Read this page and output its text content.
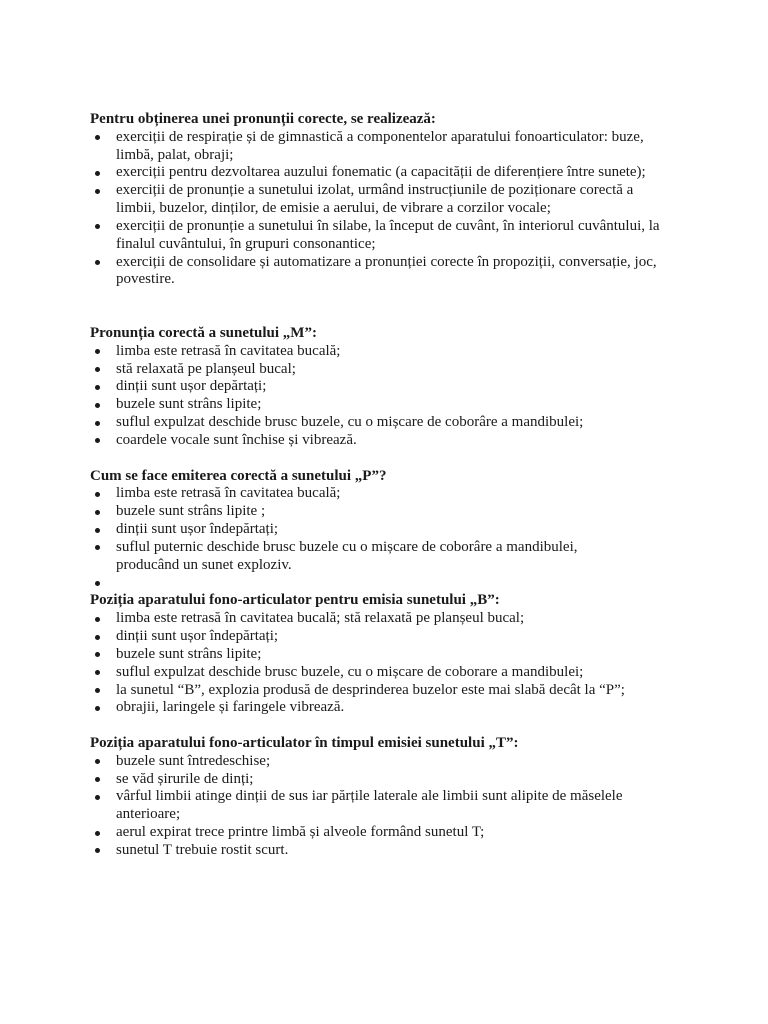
Pentru obținerea unei pronunții corecte, se realizează:

exerciții de respirație și de gimnastică a componentelor aparatului fonoarticulator: buze, limbă, palat, obraji;
exerciții pentru dezvoltarea auzului fonematic (a capacității de diferențiere între sunete);
exerciții de pronunție a sunetului izolat, urmând instrucțiunile de poziționare corectă a limbii, buzelor, dinților, de emisie a aerului, de vibrare a corzilor vocale;
exerciții de pronunție a sunetului în silabe, la început de cuvânt, în interiorul cuvântului, la finalul cuvântului, în grupuri consonantice;
exerciții de consolidare și automatizare a pronunției corecte în propoziții, conversație, joc, povestire.

Pronunția corectă a sunetului „M”:

limba este retrasă în cavitatea bucală;
stă relaxată pe planșeul bucal;
dinții sunt ușor depărtați;
buzele sunt strâns lipite;
suflul expulzat deschide brusc buzele, cu o mișcare de coborâre a mandibulei;
coardele vocale sunt închise și vibrează.

Cum se face emiterea corectă a sunetului „P”?

limba este retrasă în cavitatea bucală;
buzele sunt strâns lipite ;
dinții sunt ușor îndepărtați;
suflul puternic deschide brusc buzele cu o mișcare de coborâre a mandibulei, producând un sunet exploziv.

Poziția aparatului fono-articulator pentru emisia sunetului „B”:

limba este retrasă în cavitatea bucală; stă relaxată pe planșeul bucal;
dinții sunt ușor îndepărtați;
buzele sunt strâns lipite;
suflul expulzat deschide brusc buzele, cu o mișcare de coborare a mandibulei;
la sunetul “B”, explozia produsă de desprinderea buzelor este mai slabă decât la “P”;
obrajii, laringele și faringele vibrează.

Poziția aparatului fono-articulator în timpul emisiei sunetului „T”:

buzele sunt întredeschise;
se văd șirurile de dinți;
vârful limbii atinge dinții de sus iar părțile laterale ale limbii sunt alipite de măselele anterioare;
aerul expirat trece printre limbă și alveole formând sunetul T;
sunetul T trebuie rostit scurt.
